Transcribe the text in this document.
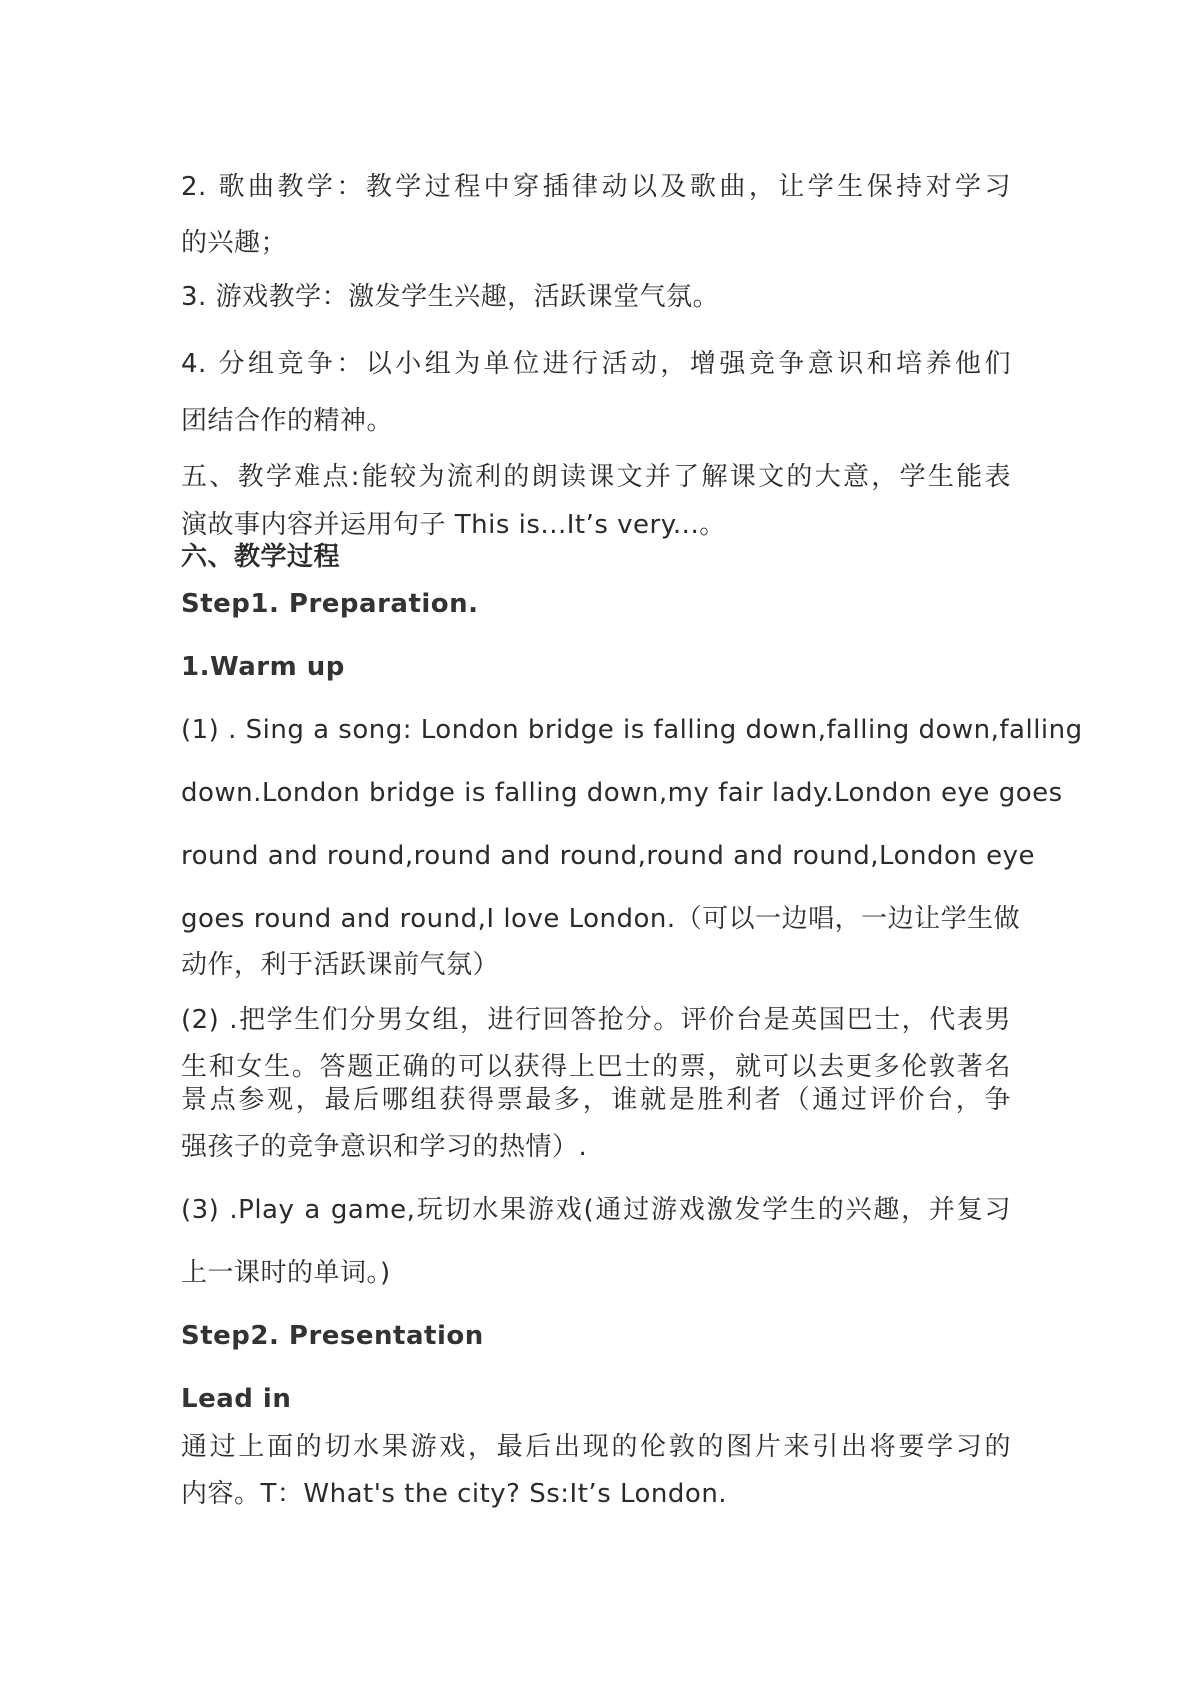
2. 歌曲教学：教学过程中穿插律动以及歌曲，让学生保持对学习
的兴趣；
3. 游戏教学：激发学生兴趣，活跃课堂气氛。
4. 分组竞争：以小组为单位进行活动，增强竞争意识和培养他们
团结合作的精神。
五、教学难点:能较为流利的朗读课文并了解课文的大意，学生能表
演故事内容并运用句子 This is...It’s very...。
六、教学过程
Step1. Preparation.
1.Warm up
(1) . Sing a song: London bridge is falling down,falling down,falling
down.London bridge is falling down,my fair lady.London eye goes
round and round,round and round,round and round,London eye
goes round and round,I love London.（可以一边唱，一边让学生做
动作，利于活跃课前气氛）
(2) .把学生们分男女组，进行回答抢分。评价台是英国巴士，代表男
生和女生。答题正确的可以获得上巴士的票，就可以去更多伦敦著名
景点参观，最后哪组获得票最多，谁就是胜利者（通过评价台，争
强孩子的竞争意识和学习的热情）.
(3) .Play a game,玩切水果游戏(通过游戏激发学生的兴趣，并复习
上一课时的单词。)
Step2. Presentation
Lead in
通过上面的切水果游戏，最后出现的伦敦的图片来引出将要学习的
内容。T：What's the city? Ss:It’s London.
